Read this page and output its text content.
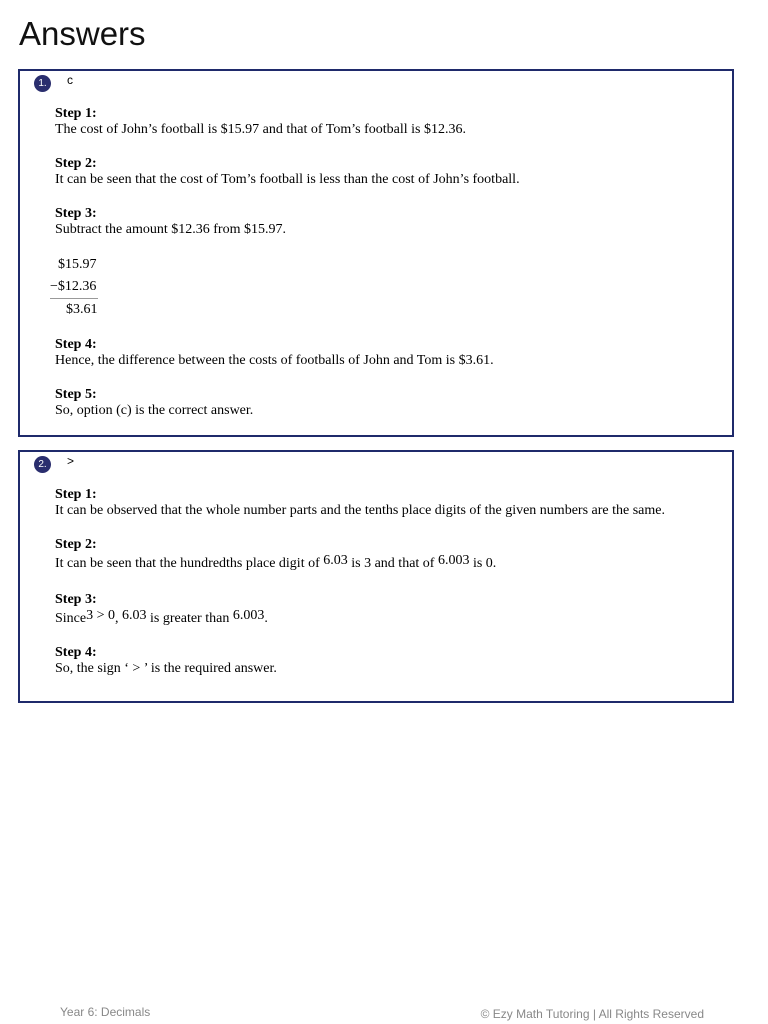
Answers
1.	c
Step 1:
The cost of John’s football is $15.97 and that of Tom’s football is $12.36.
Step 2:
It can be seen that the cost of Tom’s football is less than the cost of John’s football.
Step 3:
Subtract the amount $12.36 from $15.97.
$15.97
−$12.36
$3.61
Step 4:
Hence, the difference between the costs of footballs of John and Tom is $3.61.
Step 5:
So, option (c) is the correct answer.
2.	>
Step 1:
It can be observed that the whole number parts and the tenths place digits of the given numbers are the same.
Step 2:
It can be seen that the hundredths place digit of 6.03 is 3 and that of 6.003 is 0.
Step 3:
Since3 > 0, 6.03 is greater than 6.003.
Step 4:
So, the sign ‘ > ’ is the required answer.
Year 6: Decimals	© Ezy Math Tutoring | All Rights Reserved
